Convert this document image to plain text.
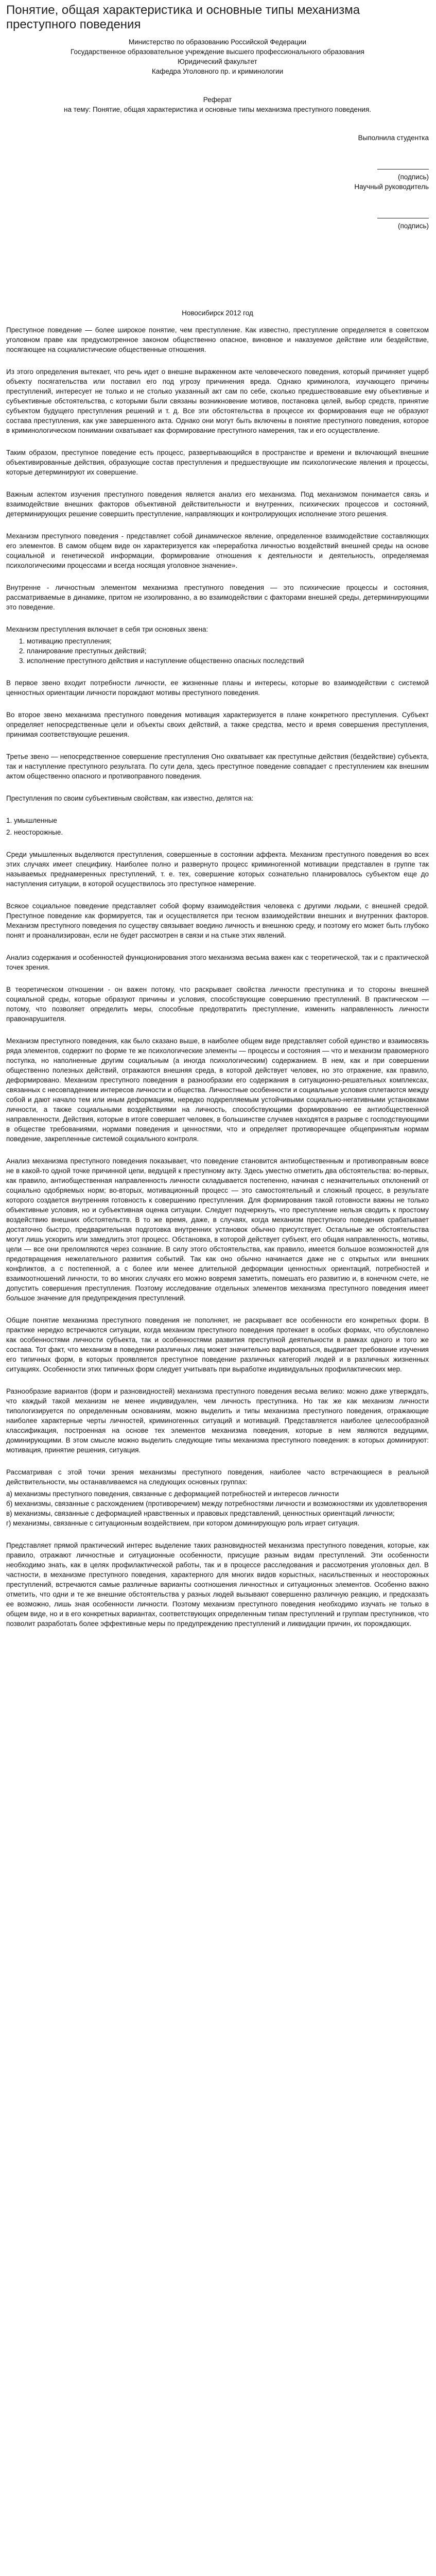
Понятие, общая характеристика и основные типы механизма преступного поведения
Министерство по образованию Российской Федерации
Государственное образовательное учреждение высшего профессионального образования
Юридический факультет
Кафедра Уголовного пр. и криминологии
Реферат
на тему: Понятие, общая характеристика и основные типы механизма преступного поведения.
Выполнила студентка
(подпись)
Научный руководитель
(подпись)
Новосибирск 2012 год

Преступное поведение — более широкое понятие, чем преступление. Как известно, преступление определяется в советском уголовном праве как предусмотренное законом общественно опасное, виновное и наказуемое действие или бездействие, посягающее на социалистические общественные отношения.

Из этого определения вытекает, что речь идет о внешне выраженном акте человеческого поведения, который причиняет ущерб объекту посягательства или поставил его под угрозу причинения вреда. Однако криминолога, изучающего причины преступлений, интересует не только и не столько указанный акт сам по себе, сколько предшествовавшие ему объективные и субъективные обстоятельства, с которыми были связаны возникновение мотивов, постановка целей, выбор средств, принятие субъектом будущего преступления решений и т. д. Все эти обстоятельства в процессе их формирования еще не образуют состава преступления, как уже завершенного акта. Однако они могут быть включены в понятие преступного поведения, которое в криминологическом понимании охватывает как формирование преступного намерения, так и его осуществление.

Таким образом, преступное поведение есть процесс, развертывающийся в пространстве и времени и включающий внешние объективированные действия, образующие состав преступления и предшествующие им психологические явления и процессы, которые детерминируют их совершение.

Важным аспектом изучения преступного поведения является анализ его механизма. Под механизмом понимается связь и взаимодействие внешних факторов объективной действительности и внутренних, психических процессов и состояний, детерминирующих решение совершить преступление, направляющих и контролирующих исполнение этого решения.

Механизм преступного поведения - представляет собой динамическое явление, определенное взаимодействие составляющих его элементов. В самом общем виде он характеризуется как «переработка личностью воздействий внешней среды на основе социальной и генетической информации, формирование отношения к деятельности и деятельность, определяемая психологическими процессами и всегда носящая уголовное значение».

Внутренне - личностным элементом механизма преступного поведения — это психические процессы и состояния, рассматриваемые в динамике, притом не изолированно, а во взаимодействии с факторами внешней среды, детерминирующими это поведение.

Механизм преступления включает в себя три основных звена:

1. мотивацию преступления;
2. планирование преступных действий;
3. исполнение преступного действия и наступление общественно опасных последствий

В первое звено входит потребности личности, ее жизненные планы и интересы, которые во взаимодействии с системой ценностных ориентации личности порождают мотивы преступного поведения.

Во второе звено механизма преступного поведения мотивация характеризуется в плане конкретного преступления. Субъект определяет непосредственные цели и объекты своих действий, а также средства, место и время совершения преступления, принимая соответствующие решения.

Третье звено — непосредственное совершение преступления Оно охватывает как преступные действия (бездействие) субъекта, так и наступление преступного результата. По сути дела, здесь преступное поведение совпадает с преступлением как внешним актом общественно опасного и противоправного поведения.

Преступления по своим субъективным свойствам, как известно, делятся на:

1. умышленные

2. неосторожные.

Среди умышленных выделяются преступления, совершенные в состоянии аффекта. Механизм преступного поведения во всех этих случаях имеет специфику. Наиболее полно и развернуто процесс криминогенной мотивации представлен в группе так называемых преднамеренных преступлений, т. е. тех, совершение которых сознательно планировалось субъектом еще до наступления ситуации, в которой осуществилось это преступное намерение.

Всякое социальное поведение представляет собой форму взаимодействия человека с другими людьми, с внешней средой. Преступное поведение как формируется, так и осуществляется при тесном взаимодействии внешних и внутренних факторов. Механизм преступного поведения по существу связывает воедино личность и внешнюю среду, и поэтому его может быть глубоко понят и проанализирован, если не будет рассмотрен в связи и на стыке этих явлений.

Анализ содержания и особенностей функционирования этого механизма весьма важен как с теоретической, так и с практической точек зрения.

В теоретическом отношении - он важен потому, что раскрывает свойства личности преступника и то стороны внешней социальной среды, которые образуют причины и условия, способствующие совершению преступлений. В практическом — потому, что позволяет определить меры, способные предотвратить преступление, изменить направленность личности правонарушителя.

Механизм преступного поведения, как было сказано выше, в наиболее общем виде представляет собой единство и взаимосвязь ряда элементов, содержит по форме те же психологические элементы — процессы и состояния — что и механизм правомерного поступка, но наполненные другим социальным (а иногда психологическим) содержанием. В нем, как и при совершении общественно полезных действий, отражаются внешняя среда, в которой действует человек, но это отражение, как правило, деформировано. Механизм преступного поведения в разнообразии его содержания в ситуационно-решательных комплексах, связанных с несовпадением интересов личности и общества. Личностные особенности и социальные условия сплетаются между собой и дают начало тем или иным деформациям, нередко подкрепляемым устойчивыми социально-негативными установками личности, а также социальными воздействиями на личность, способствующими формированию ее антиобщественной направленности. Действия, которые в итоге совершает человек, в большинстве случаев находятся в разрыве с господствующими в обществе требованиями, нормами поведения и ценностями, что и определяет противоречащее общепринятым нормам поведение, закрепленные системой социального контроля.

Анализ механизма преступного поведения показывает, что поведение становится антиобщественным и противоправным вовсе не в какой-то одной точке причинной цепи, ведущей к преступному акту. Здесь уместно отметить два обстоятельства: во-первых, как правило, антиобщественная направленность личности складывается постепенно, начиная с незначительных отклонений от социально одобряемых норм; во-вторых, мотивационный процесс — это самостоятельный и сложный процесс, в результате которого создается внутренняя готовность к совершению преступления. Для формирования такой готовности важны не только объективные условия, но и субъективная оценка ситуации. Следует подчеркнуть, что преступление нельзя сводить к простому воздействию внешних обстоятельств. В то же время, даже, в случаях, когда механизм преступного поведения срабатывает достаточно быстро, предварительная подготовка внутренних установок обычно присутствует. Остальные же обстоятельства могут лишь ускорить или замедлить этот процесс. Обстановка, в которой действует субъект, его общая направленность, мотивы, цели — все они преломляются через сознание. В силу этого обстоятельства, как правило, имеется большое возможностей для предотвращения нежелательного развития событий. Так как оно обычно начинается даже не с открытых или внешних конфликтов, а с постепенной, а с более или менее длительной деформации ценностных ориентаций, потребностей и взаимоотношений личности, то во многих случаях его можно вовремя заметить, помешать его развитию и, в конечном счете, не допустить совершения преступления. Поэтому исследование отдельных элементов механизма преступного поведения имеет большое значение для предупреждения преступлений.

Общие понятие механизма преступного поведения не пополняет, не раскрывает все особенности его конкретных форм. В практике нередко встречаются ситуации, когда механизм преступного поведения протекает в особых формах, что обусловлено как особенностями личности субъекта, так и особенностями развития преступной деятельности в рамках одного и того же состава. Тот факт, что механизм в поведении различных лиц может значительно варьироваться, выдвигает требование изучения его типичных форм, в которых проявляется преступное поведение различных категорий людей и в различных жизненных ситуациях. Особенности этих типичных форм следует учитывать при выработке индивидуальных профилактических мер.

Разнообразие вариантов (форм и разновидностей) механизма преступного поведения весьма велико: можно даже утверждать, что каждый такой механизм не менее индивидуален, чем личность преступника. Но так же как механизм личности типологизируется по определенным основаниям, можно выделить и типы механизма преступного поведения, отражающие наиболее характерные черты личностей, криминогенных ситуаций и мотиваций. Представляется наиболее целесообразной классификация, построенная на основе тех элементов механизма поведения, которые в нем являются ведущими, доминирующими. В этом смысле можно выделить следующие типы механизма преступного поведения: в которых доминируют: мотивация, принятие решения, ситуация.

Рассматривая с этой точки зрения механизмы преступного поведения, наиболее часто встречающиеся в реальной действительности, мы останавливаемся на следующих основных группах:

а) механизмы преступного поведения, связанные с деформацией потребностей и интересов личности
б) механизмы, связанные с расхождением (противоречием) между потребностями личности и возможностями их удовлетворения
в) механизмы, связанные с деформацией нравственных и правовых представлений, ценностных ориентаций личности;
г) механизмы, связанные с ситуационным воздействием, при котором доминирующую роль играет ситуация.

Представляет прямой практический интерес выделение таких разновидностей механизма преступного поведения, которые, как правило, отражают личностные и ситуационные особенности, присущие разным видам преступлений. Эти особенности необходимо знать, как в целях профилактической работы, так и в процессе расследования и рассмотрения уголовных дел. В частности, в механизме преступного поведения, характерного для многих видов корыстных, насильственных и неосторожных преступлений, встречаются самые различные варианты соотношения личностных и ситуационных элементов. Особенно важно отметить, что одни и те же внешние обстоятельства у разных людей вызывают совершенно различную реакцию, и предсказать ее возможно, лишь зная особенности личности. Поэтому механизм преступного поведения необходимо изучать не только в общем виде, но и в его конкретных вариантах, соответствующих определенным типам преступлений и группам преступников, что позволит разработать более эффективные меры по предупреждению преступлений и ликвидации причин, их порождающих.
